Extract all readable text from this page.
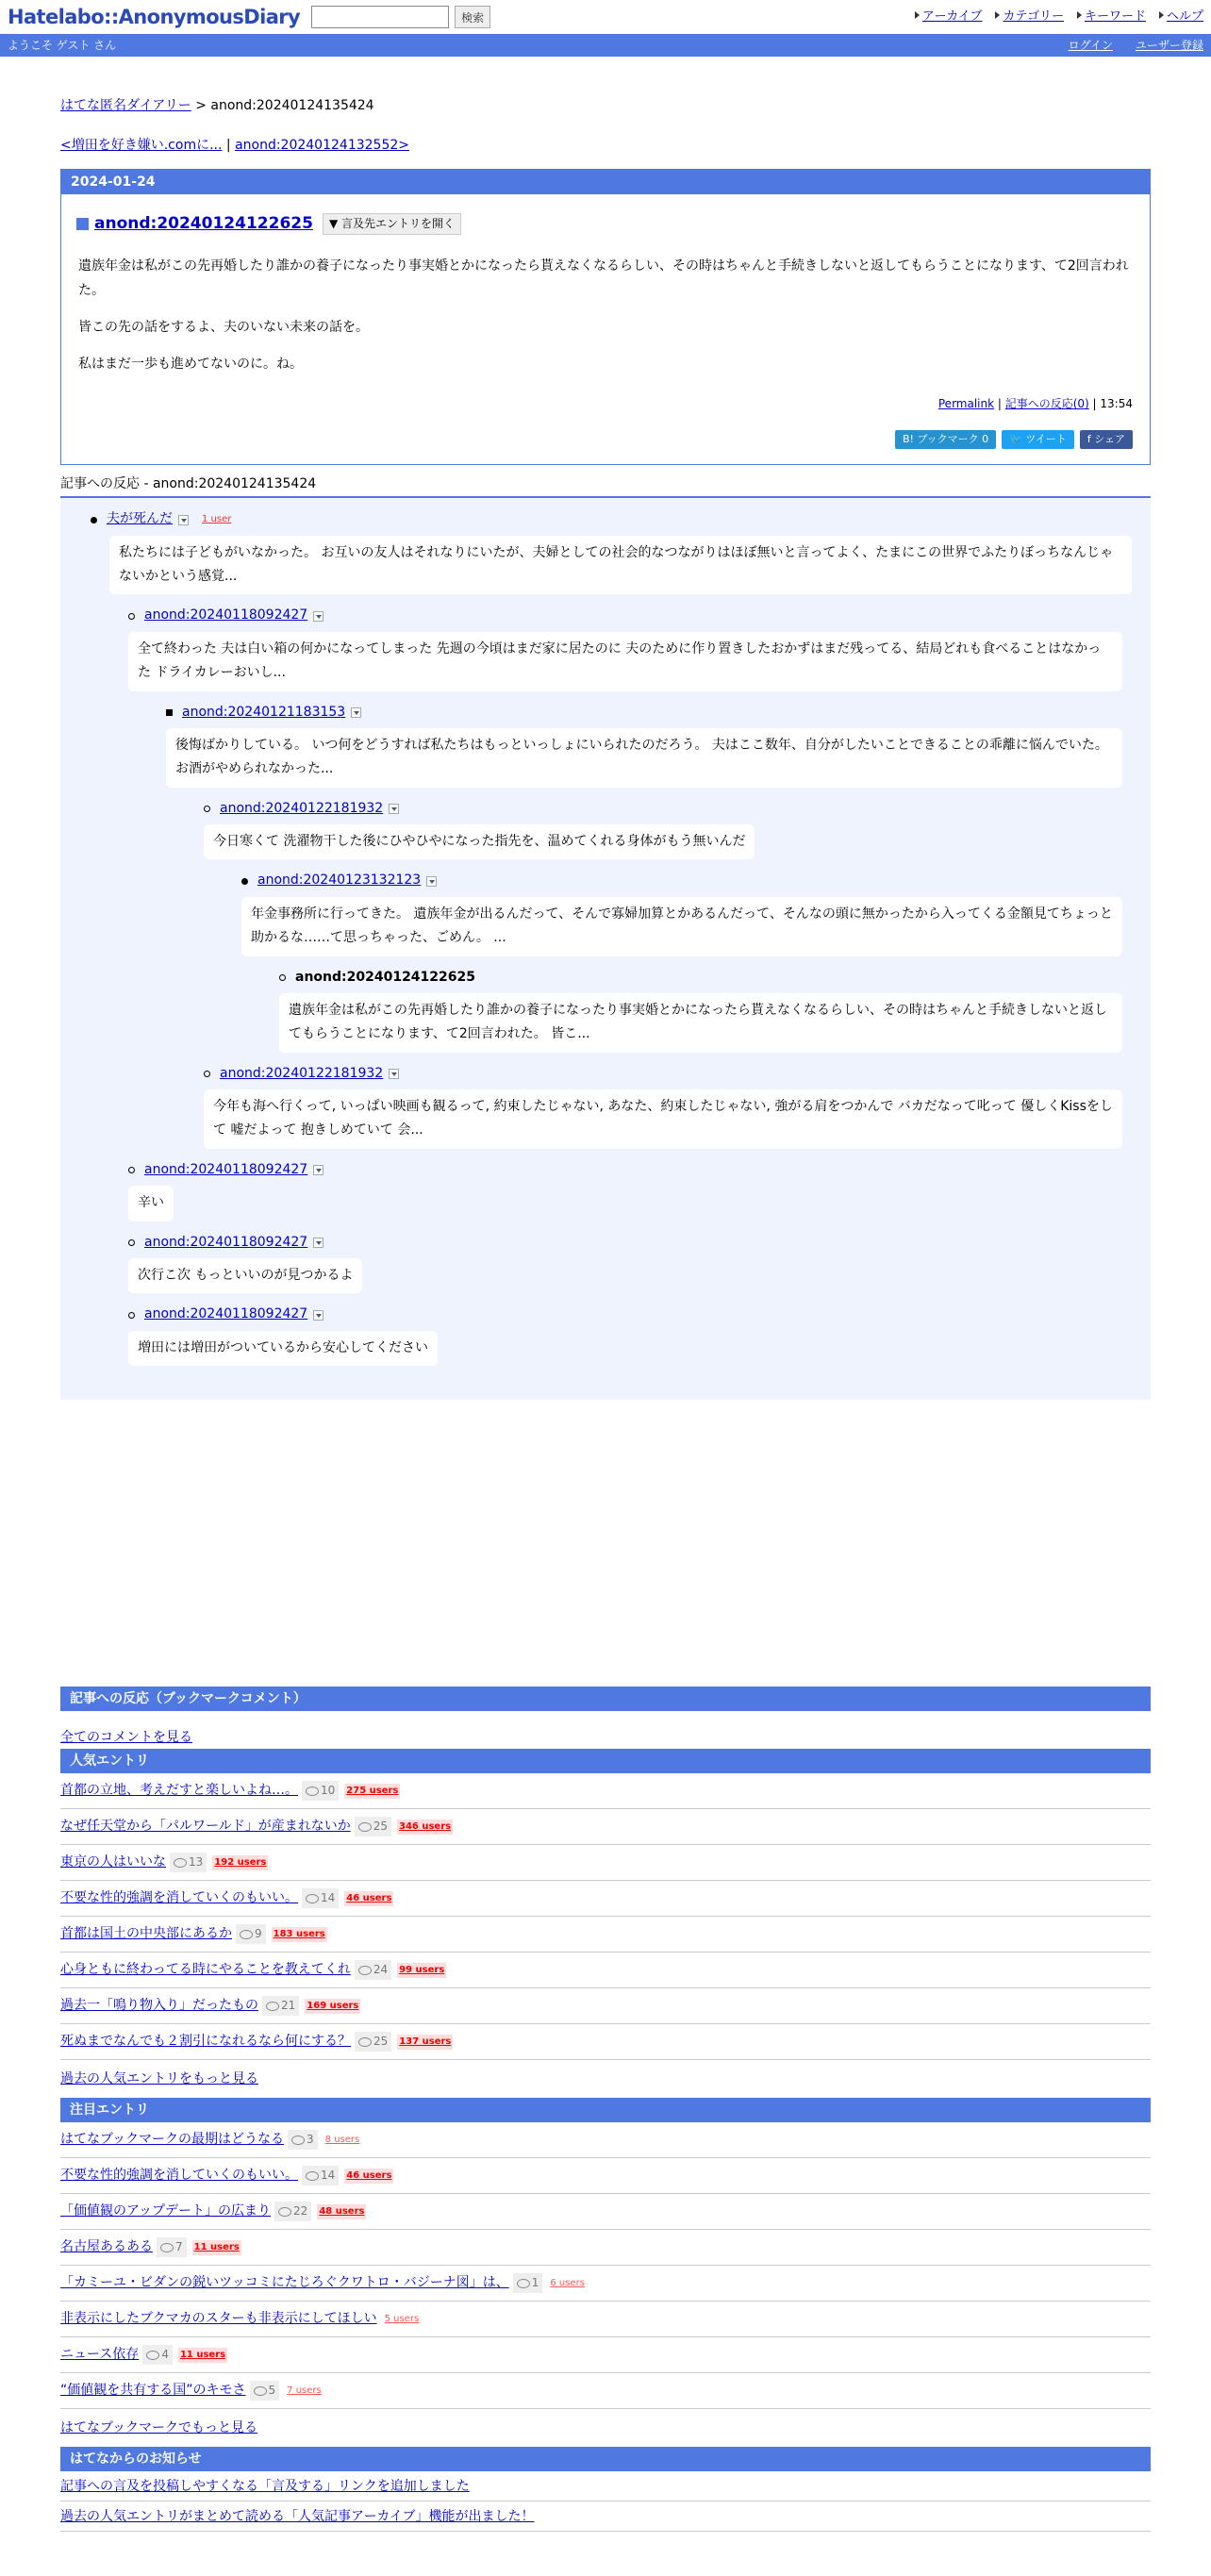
Hatelabo::AnonymousDiary	検索	アーカイブ	カテゴリー	キーワード	ヘルプ
ようこそ ゲスト さん	ログイン ユーザー登録
はてな匿名ダイアリー > anond:20240124135424
<増田を好き嫌い.comに... | anond:20240124132552>
2024-01-24
anond:20240124122625	▼ 言及先エントリを開く

遺族年金は私がこの先再婚したり誰かの養子になったり事実婚とかになったら貰えなくなるらしい、その時はちゃんと手続きしないと返してもらうことになります、て2回言われた。

皆この先の話をするよ、夫のいない未来の話を。

私はまだ一歩も進めてないのに。ね。

Permalink | 記事への反応(0) | 13:54
B! ブックマーク 0	🐦 ツイート f シェア
記事への反応 - anond:20240124135424
夫が死んだ	1 user
私たちには子どもがいなかった。 お互いの友人はそれなりにいたが、夫婦としての社会的なつながりはほぼ無いと言ってよく、たまにこの世界でふたりぼっちなんじゃないかという感覚...
anond:20240118092427
全て終わった 夫は白い箱の何かになってしまった 先週の今頃はまだ家に居たのに 夫のために作り置きしたおかずはまだ残ってる、結局どれも食べることはなかった ドライカレーおいし...
anond:20240121183153
後悔ばかりしている。 いつ何をどうすれば私たちはもっといっしょにいられたのだろう。 夫はここ数年、自分がしたいことできることの乖離に悩んでいた。 お酒がやめられなかった...
anond:20240122181932
今日寒くて 洗濯物干した後にひやひやになった指先を、温めてくれる身体がもう無いんだ
anond:20240123132123
年金事務所に行ってきた。 遺族年金が出るんだって、そんで寡婦加算とかあるんだって、そんなの頭に無かったから入ってくる金額見てちょっと助かるな……て思っちゃった、ごめん。 ...
anond:20240124122625
遺族年金は私がこの先再婚したり誰かの養子になったり事実婚とかになったら貰えなくなるらしい、その時はちゃんと手続きしないと返してもらうことになります、て2回言われた。 皆こ...
anond:20240122181932
今年も海へ行くって, いっぱい映画も観るって, 約束したじゃない, あなた、約束したじゃない, 強がる肩をつかんで バカだなって叱って 優しくKissをして 嘘だよって 抱きしめていて 会...
anond:20240118092427
辛い
anond:20240118092427
次行こ次 もっといいのが見つかるよ
anond:20240118092427
増田には増田がついているから安心してください
記事への反応（ブックマークコメント）
全てのコメントを見る
人気エントリ
首都の立地、考えだすと楽しいよね…。 10 275 users
なぜ任天堂から「パルワールド」が産まれないか 25 346 users
東京の人はいいな 13 192 users
不要な性的強調を消していくのもいい。 14 46 users
首都は国土の中央部にあるか 9 183 users
心身ともに終わってる時にやることを教えてくれ 24 99 users
過去一「鳴り物入り」だったもの 21 169 users
死ぬまでなんでも２割引になれるなら何にする？ 25 137 users
過去の人気エントリをもっと見る
注目エントリ
はてなブックマークの最期はどうなる 3 8 users
不要な性的強調を消していくのもいい。 14 46 users
「価値観のアップデート」の広まり 22 48 users
名古屋あるある 7 11 users
「カミーユ・ビダンの鋭いツッコミにたじろぐクワトロ・バジーナ図」は、 1 6 users
非表示にしたブクマカのスターも非表示にしてほしい 5 users
ニュース依存 4 11 users
“価値観を共有する国”のキモさ 5 7 users
はてなブックマークでもっと見る
はてなからのお知らせ
記事への言及を投稿しやすくなる「言及する」リンクを追加しました
過去の人気エントリがまとめて読める「人気記事アーカイブ」機能が出ました！
